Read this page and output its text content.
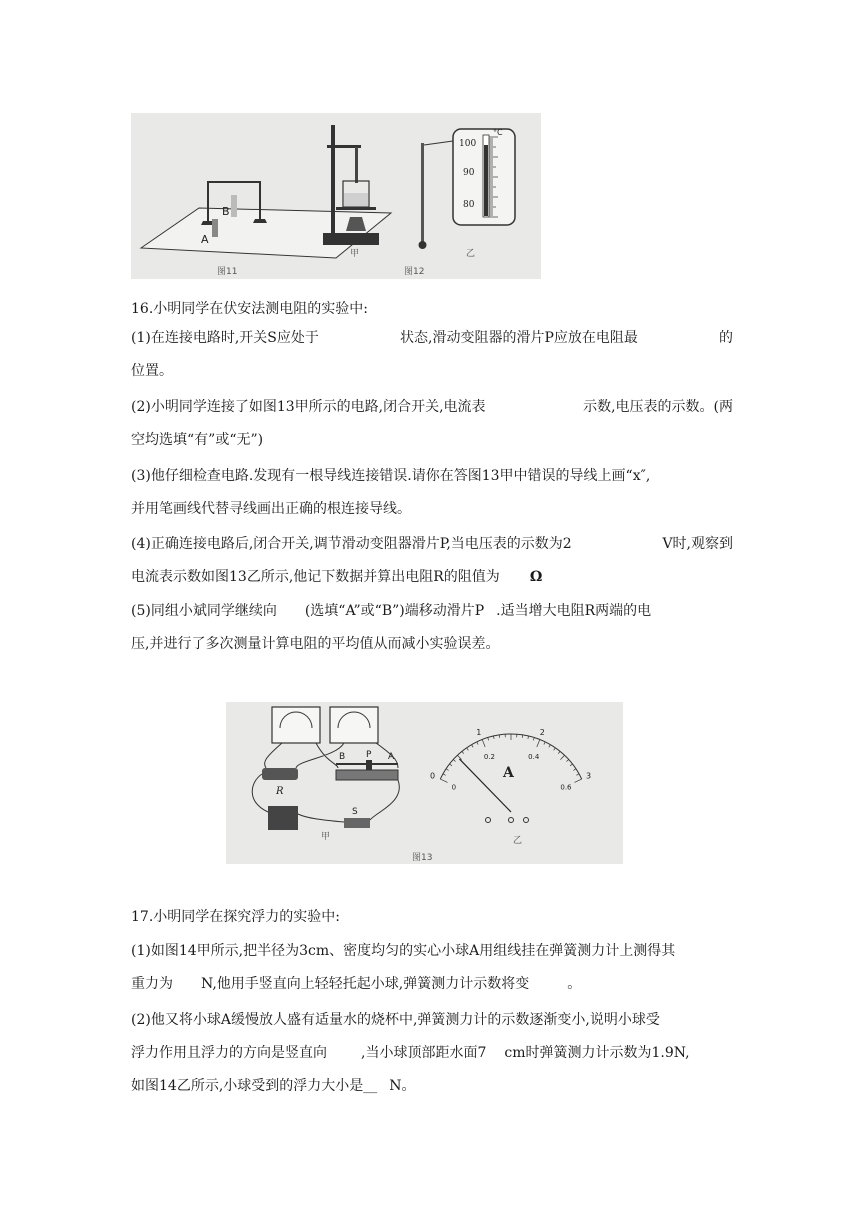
A
B
图11
甲
图12
100
90
80
°C
乙
16.小明同学在伏安法测电阻的实验中:
(1)在连接电路时,开关S应处于	状态,滑动变阻器的滑片P应放在电阻最	的
位置。
(2)小明同学连接了如图13甲所示的电路,闭合开关,电流表	示数,电压表的示数。(两
空均选填“有”或“无”)
(3)他仔细检查电路.发现有一根导线连接错误.请你在答图13甲中错误的导线上画“x″,
并用笔画线代替寻线画出正确的根连接导线。
(4)正确连接电路后,闭合开关,调节滑动变阻器滑片P,当电压表的示数为2	V时,观察到
电流表示数如图13乙所示,他记下数据并算出电阻R的阻值为 Ω
(5)同组小斌同学继续向 (选填“A”或“B”)端移动滑片P .适当增大电阻R两端的电
压,并进行了多次测量计算电阻的平均值从而减小实验误差。
R
B P A
S
甲
0
1	2
3
0
0.2	0.4
0.6
A
乙
图13
17.小明同学在探究浮力的实验中:
(1)如图14甲所示,把半径为3cm、密度均匀的实心小球A用组线挂在弹簧测力计上测得其
重力为 N,他用手竖直向上轻轻托起小球,弹簧测力计示数将变	。
(2)他又将小球A缓慢放人盛有适量水的烧杯中,弹簧测力计的示数逐渐变小,说明小球受
浮力作用且浮力的方向是竖直向 ,当小球顶部距水面7 cm时弹簧测力计示数为1.9N,
如图14乙所示,小球受到的浮力大小是__ N。
